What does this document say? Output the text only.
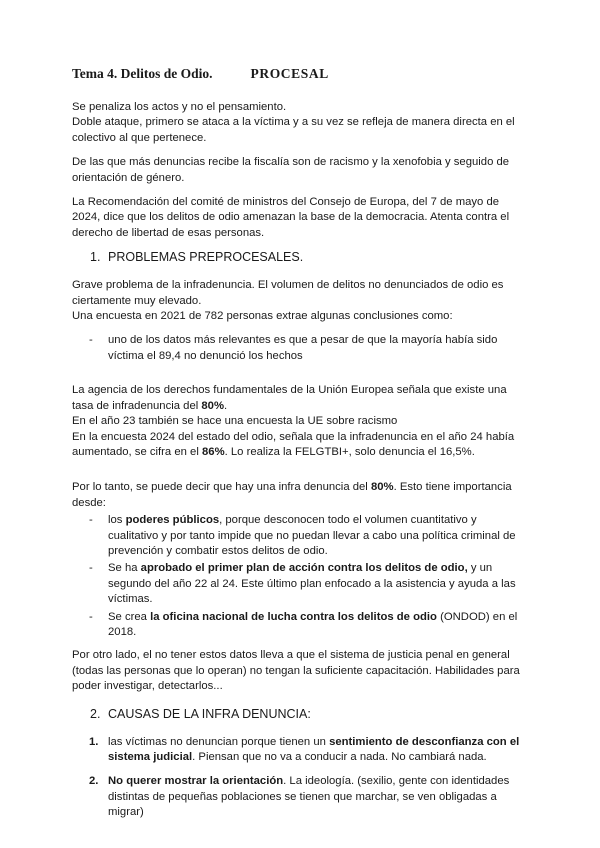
Tema 4. Delitos de Odio.	PROCESAL

Se penaliza los actos y no el pensamiento.
Doble ataque, primero se ataca a la víctima y a su vez se refleja de manera directa en el colectivo al que pertenece.

De las que más denuncias recibe la fiscalía son de racismo y la xenofobia y seguido de orientación de género.

La Recomendación del comité de ministros del Consejo de Europa, del 7 de mayo de 2024, dice que los delitos de odio amenazan la base de la democracia. Atenta contra el derecho de libertad de esas personas.

1. PROBLEMAS PREPROCESALES.

Grave problema de la infradenuncia. El volumen de delitos no denunciados de odio es ciertamente muy elevado.
Una encuesta en 2021 de 782 personas extrae algunas conclusiones como:

-	uno de los datos más relevantes es que a pesar de que la mayoría había sido víctima el 89,4 no denunció los hechos

La agencia de los derechos fundamentales de la Unión Europea señala que existe una tasa de infradenuncia del 80%.
En el año 23 también se hace una encuesta la UE sobre racismo
En la encuesta 2024 del estado del odio, señala que la infradenuncia en el año 24 había aumentado, se cifra en el 86%. Lo realiza la FELGTBI+, solo denuncia el 16,5%.

Por lo tanto, se puede decir que hay una infra denuncia del 80%. Esto tiene importancia desde:

-	los poderes públicos, porque desconocen todo el volumen cuantitativo y cualitativo y por tanto impide que no puedan llevar a cabo una política criminal de prevención y combatir estos delitos de odio.
-	Se ha aprobado el primer plan de acción contra los delitos de odio, y un segundo del año 22 al 24. Este último plan enfocado a la asistencia y ayuda a las víctimas.
-	Se crea la oficina nacional de lucha contra los delitos de odio (ONDOD) en el 2018.

Por otro lado, el no tener estos datos lleva a que el sistema de justicia penal en general (todas las personas que lo operan) no tengan la suficiente capacitación. Habilidades para poder investigar, detectarlos...

2. CAUSAS DE LA INFRA DENUNCIA:
1. las víctimas no denuncian porque tienen un sentimiento de desconfianza con el sistema judicial. Piensan que no va a conducir a nada. No cambiará nada.
2. No querer mostrar la orientación. La ideología. (sexilio, gente con identidades distintas de pequeñas poblaciones se tienen que marchar, se ven obligadas a migrar)
